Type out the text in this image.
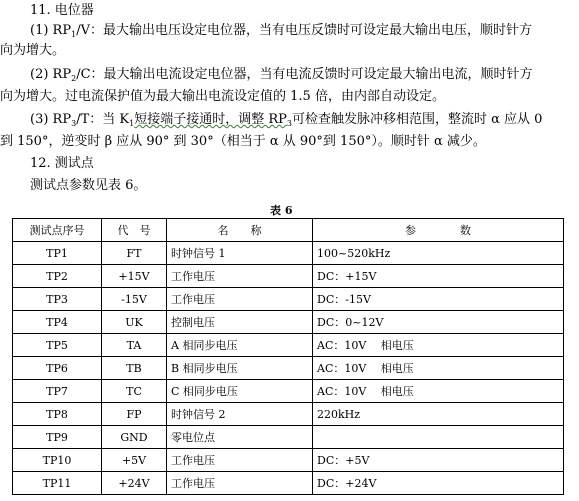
11. 电位器
(1) $RP_1/V$：最大输出电压设定电位器，当有电压反馈时可设定最大输出电压，顺时针方
向为增大。
(2) $RP_2/C$：最大输出电流设定电位器，当有电流反馈时可设定最大输出电流，顺时针方
向为增大。过电流保护值为最大输出电流设定值的 1.5 倍，由内部自动设定。
(3) $RP_3/T$：当 $K_1$短接端子接通时，调整 $RP_3$可检查触发脉冲移相范围，整流时 α 应从 0
到 150°，逆变时 β 应从 90° 到 30°（相当于 α 从 90°到 150°）。顺时针 α 减少。
12. 测试点
测试点参数见表 6。
表 6
测试点序号	代　号	名　　称	参　　　　数
TP1	FT	时钟信号 1	100~520kHz
TP2	+15V	工作电压	DC：+15V
TP3	-15V	工作电压	DC：-15V
TP4	UK	控制电压	DC：0~12V
TP5	TA	A 相同步电压	AC：10V　 相电压
TP6	TB	B 相同步电压	AC：10V　 相电压
TP7	TC	C 相同步电压	AC：10V　 相电压
TP8	FP	时钟信号 2	220kHz
TP9	GND	零电位点	
TP10	+5V	工作电压	DC：+5V
TP11	+24V	工作电压	DC：+24V
